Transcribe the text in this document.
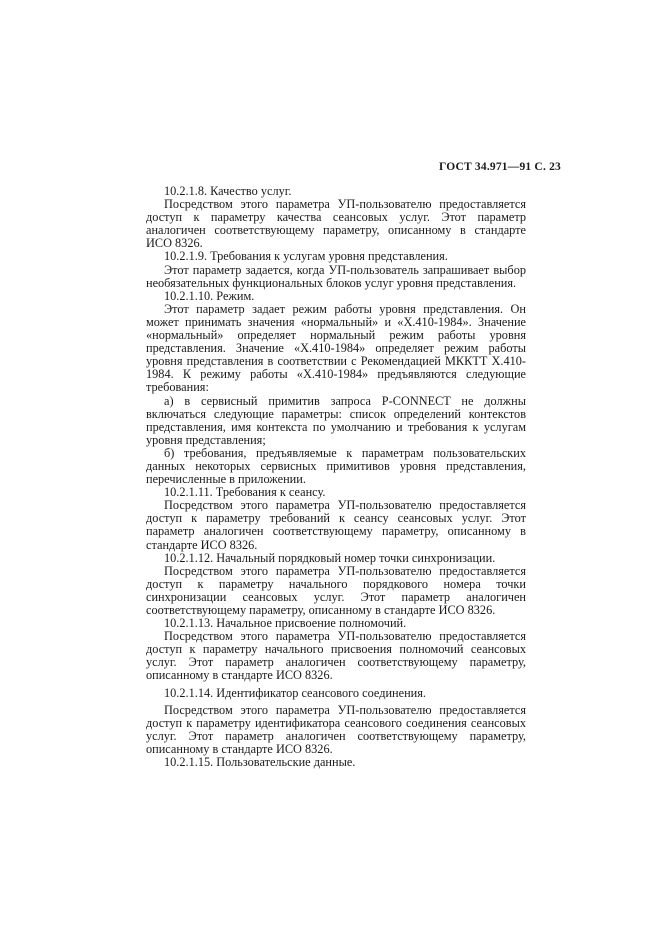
ГОСТ 34.971—91 С. 23

10.2.1.8. Качество услуг.

Посредством этого параметра УП-пользователю предоставляется доступ к параметру качества сеансовых услуг. Этот параметр аналогичен соответствующему параметру, описанному в стандарте ИСО 8326.

10.2.1.9. Требования к услугам уровня представления.

Этот параметр задается, когда УП-пользователь запрашивает выбор необязательных функциональных блоков услуг уровня представления.

10.2.1.10. Режим.

Этот параметр задает режим работы уровня представления. Он может принимать значения «нормальный» и «X.410-1984». Значение «нормальный» определяет нормальный режим работы уровня представления. Значение «X.410-1984» определяет режим работы уровня представления в соответствии с Рекомендацией МККТТ X.410-1984. К режиму работы «X.410-1984» предъявляются следующие требования:

а) в сервисный примитив запроса P-CONNECT не должны включаться следующие параметры: список определений контекстов представления, имя контекста по умолчанию и требования к услугам уровня представления;

б) требования, предъявляемые к параметрам пользовательских данных некоторых сервисных примитивов уровня представления, перечисленные в приложении.

10.2.1.11. Требования к сеансу.

Посредством этого параметра УП-пользователю предоставляется доступ к параметру требований к сеансу сеансовых услуг. Этот параметр аналогичен соответствующему параметру, описанному в стандарте ИСО 8326.

10.2.1.12. Начальный порядковый номер точки синхронизации.

Посредством этого параметра УП-пользователю предоставляется доступ к параметру начального порядкового номера точки синхронизации сеансовых услуг. Этот параметр аналогичен соответствующему параметру, описанному в стандарте ИСО 8326.

10.2.1.13. Начальное присвоение полномочий.

Посредством этого параметра УП-пользователю предоставляется доступ к параметру начального присвоения полномочий сеансовых услуг. Этот параметр аналогичен соответствующему параметру, описанному в стандарте ИСО 8326.

10.2.1.14. Идентификатор сеансового соединения.

Посредством этого параметра УП-пользователю предоставляется доступ к параметру идентификатора сеансового соединения сеансовых услуг. Этот параметр аналогичен соответствующему параметру, описанному в стандарте ИСО 8326.

10.2.1.15. Пользовательские данные.
